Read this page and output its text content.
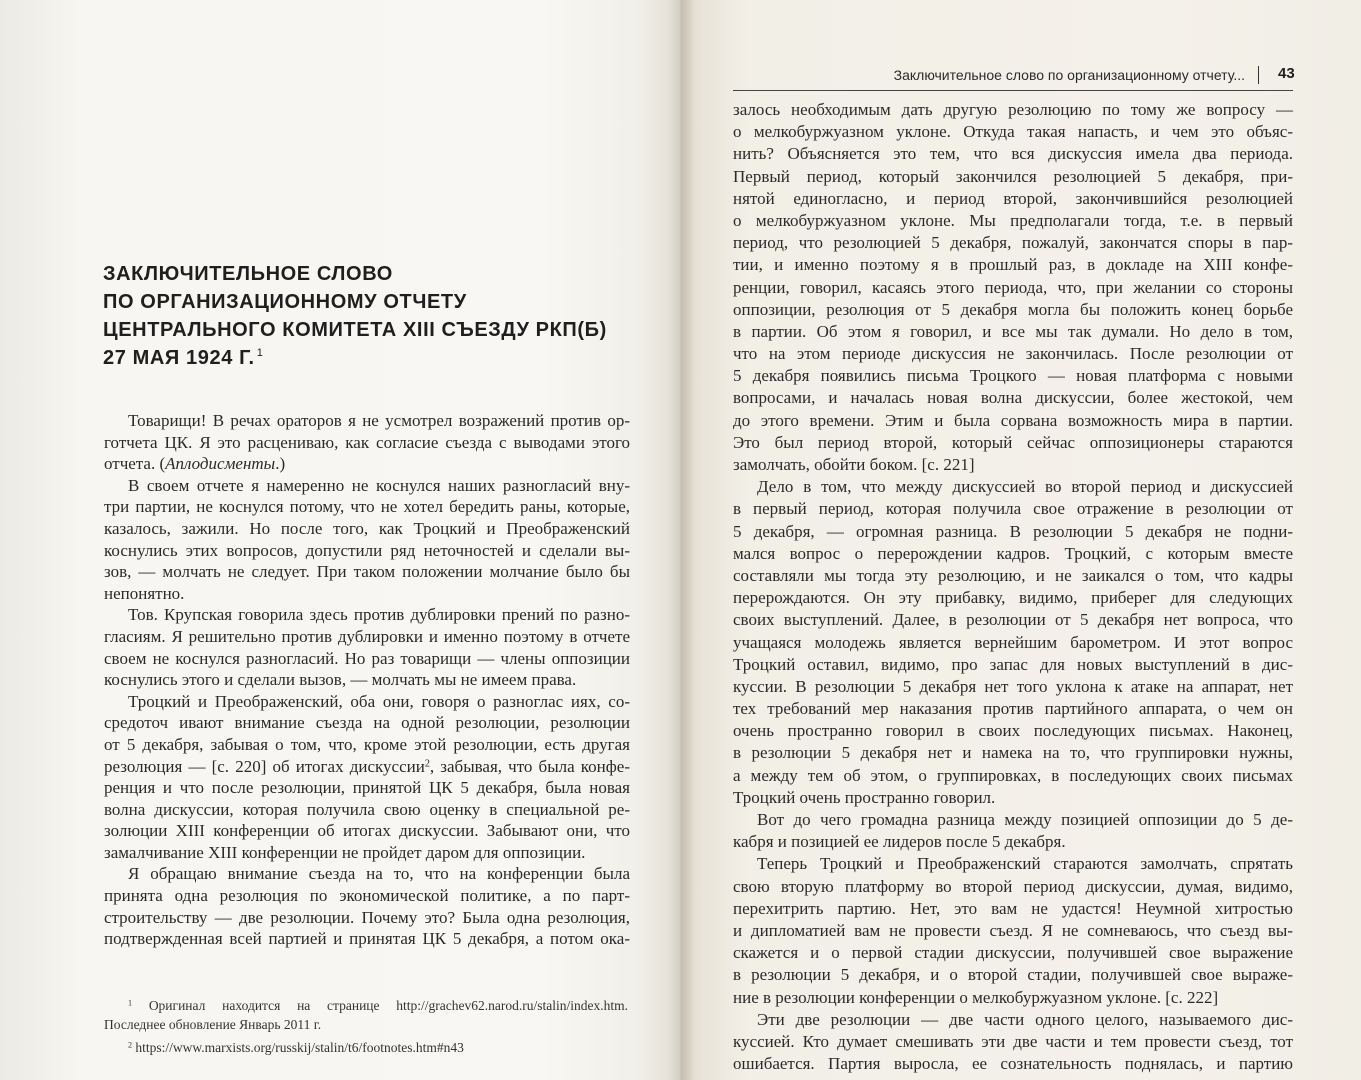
ЗАКЛЮЧИТЕЛЬНОЕ СЛОВО
ПО ОРГАНИЗАЦИОННОМУ ОТЧЕТУ
ЦЕНТРАЛЬНОГО КОМИТЕТА XIII СЪЕЗДУ РКП(Б)
27 МАЯ 1924 Г. $^1$
Товарищи! В речах ораторов я не усмотрел возражений против ор-
готчета ЦК. Я это расцениваю, как согласие съезда с выводами этого
отчета. (Аплодисменты.)
В своем отчете я намеренно не коснулся наших разногласий вну-
три партии, не коснулся потому, что не хотел бередить раны, которые,
казалось, зажили. Но после того, как Троцкий и Преображенский
коснулись этих вопросов, допустили ряд неточностей и сделали вы-
зов, — молчать не следует. При таком положении молчание было бы
непонятно.
Тов. Крупская говорила здесь против дублировки прений по разно-
гласиям. Я решительно против дублировки и именно поэтому в отчете
своем не коснулся разногласий. Но раз товарищи — члены оппозиции
коснулись этого и сделали вызов, — молчать мы не имеем права.
Троцкий и Преображенский, оба они, говоря о разноглас иях, со-
средоточ ивают внимание съезда на одной резолюции, резолюции
от 5 декабря, забывая о том, что, кроме этой резолюции, есть другая
резолюция — [с. 220] об итогах дискуссии$^2$, забывая, что была конфе-
ренция и что после резолюции, принятой ЦК 5 декабря, была новая
волна дискуссии, которая получила свою оценку в специальной ре-
золюции XIII конференции об итогах дискуссии. Забывают они, что
замалчивание XIII конференции не пройдет даром для оппозиции.
Я обращаю внимание съезда на то, что на конференции была
принята одна резолюция по экономической политике, а по парт-
строительству — две резолюции. Почему это? Была одна резолюция,
подтвержденная всей партией и принятая ЦК 5 декабря, а потом ока-
$^1$ Оригинал находится на странице http://grachev62.narod.ru/stalin/index.htm.
Последнее обновление Январь 2011 г.
$^2$ https://www.marxists.org/russkij/stalin/t6/footnotes.htm#n43
Заключительное слово по организационному отчету... 43
залось необходимым дать другую резолюцию по тому же вопросу —
о мелкобуржуазном уклоне. Откуда такая напасть, и чем это объяс-
нить? Объясняется это тем, что вся дискуссия имела два периода.
Первый период, который закончился резолюцией 5 декабря, при-
нятой единогласно, и период второй, закончившийся резолюцией
о мелкобуржуазном уклоне. Мы предполагали тогда, т.е. в первый
период, что резолюцией 5 декабря, пожалуй, закончатся споры в пар-
тии, и именно поэтому я в прошлый раз, в докладе на XIII конфе-
ренции, говорил, касаясь этого периода, что, при желании со стороны
оппозиции, резолюция от 5 декабря могла бы положить конец борьбе
в партии. Об этом я говорил, и все мы так думали. Но дело в том,
что на этом периоде дискуссия не закончилась. После резолюции от
5 декабря появились письма Троцкого — новая платформа с новыми
вопросами, и началась новая волна дискуссии, более жестокой, чем
до этого времени. Этим и была сорвана возможность мира в партии.
Это был период второй, который сейчас оппозиционеры стараются
замолчать, обойти боком. [с. 221]
Дело в том, что между дискуссией во второй период и дискуссией
в первый период, которая получила свое отражение в резолюции от
5 декабря, — огромная разница. В резолюции 5 декабря не подни-
мался вопрос о перерождении кадров. Троцкий, с которым вместе
составляли мы тогда эту резолюцию, и не заикался о том, что кадры
перерождаются. Он эту прибавку, видимо, приберег для следующих
своих выступлений. Далее, в резолюции от 5 декабря нет вопроса, что
учащаяся молодежь является вернейшим барометром. И этот вопрос
Троцкий оставил, видимо, про запас для новых выступлений в дис-
куссии. В резолюции 5 декабря нет того уклона к атаке на аппарат, нет
тех требований мер наказания против партийного аппарата, о чем он
очень пространно говорил в своих последующих письмах. Наконец,
в резолюции 5 декабря нет и намека на то, что группировки нужны,
а между тем об этом, о группировках, в последующих своих письмах
Троцкий очень пространно говорил.
Вот до чего громадна разница между позицией оппозиции до 5 де-
кабря и позицией ее лидеров после 5 декабря.
Теперь Троцкий и Преображенский стараются замолчать, спрятать
свою вторую платформу во второй период дискуссии, думая, видимо,
перехитрить партию. Нет, это вам не удастся! Неумной хитростью
и дипломатией вам не провести съезд. Я не сомневаюсь, что съезд вы-
скажется и о первой стадии дискуссии, получившей свое выражение
в резолюции 5 декабря, и о второй стадии, получившей свое выраже-
ние в резолюции конференции о мелкобуржуазном уклоне. [с. 222]
Эти две резолюции — две части одного целого, называемого дис-
куссией. Кто думает смешивать эти две части и тем провести съезд, тот
ошибается. Партия выросла, ее сознательность поднялась, и партию
